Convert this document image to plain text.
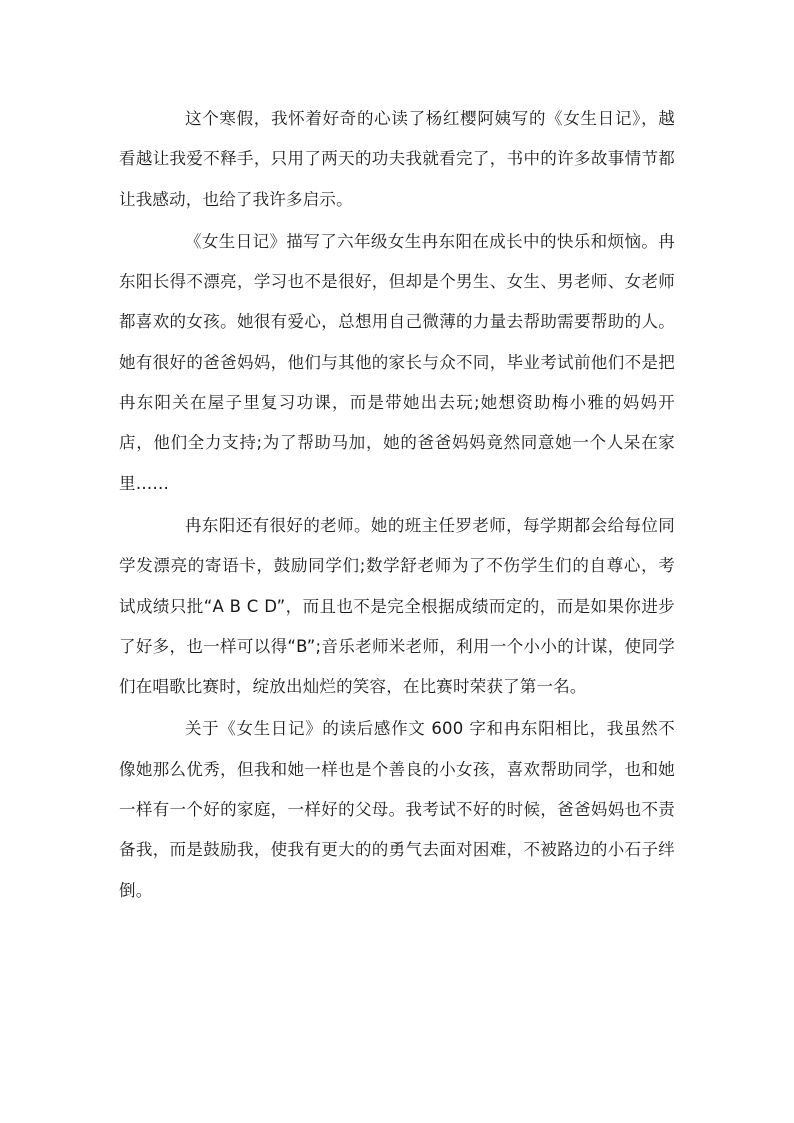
这个寒假，我怀着好奇的心读了杨红樱阿姨写的《女生日记》，越看越让我爱不释手，只用了两天的功夫我就看完了，书中的许多故事情节都让我感动，也给了我许多启示。

《女生日记》描写了六年级女生冉东阳在成长中的快乐和烦恼。冉东阳长得不漂亮，学习也不是很好，但却是个男生、女生、男老师、女老师都喜欢的女孩。她很有爱心，总想用自己微薄的力量去帮助需要帮助的人。她有很好的爸爸妈妈，他们与其他的家长与众不同，毕业考试前他们不是把冉东阳关在屋子里复习功课，而是带她出去玩;她想资助梅小雅的妈妈开店，他们全力支持;为了帮助马加，她的爸爸妈妈竟然同意她一个人呆在家里……

冉东阳还有很好的老师。她的班主任罗老师，每学期都会给每位同学发漂亮的寄语卡，鼓励同学们;数学舒老师为了不伤学生们的自尊心，考试成绩只批“A B C D”，而且也不是完全根据成绩而定的，而是如果你进步了好多，也一样可以得“B”;音乐老师米老师，利用一个小小的计谋，使同学们在唱歌比赛时，绽放出灿烂的笑容，在比赛时荣获了第一名。

关于《女生日记》的读后感作文 600 字和冉东阳相比，我虽然不像她那么优秀，但我和她一样也是个善良的小女孩，喜欢帮助同学，也和她一样有一个好的家庭，一样好的父母。我考试不好的时候，爸爸妈妈也不责备我，而是鼓励我，使我有更大的的勇气去面对困难，不被路边的小石子绊倒。
